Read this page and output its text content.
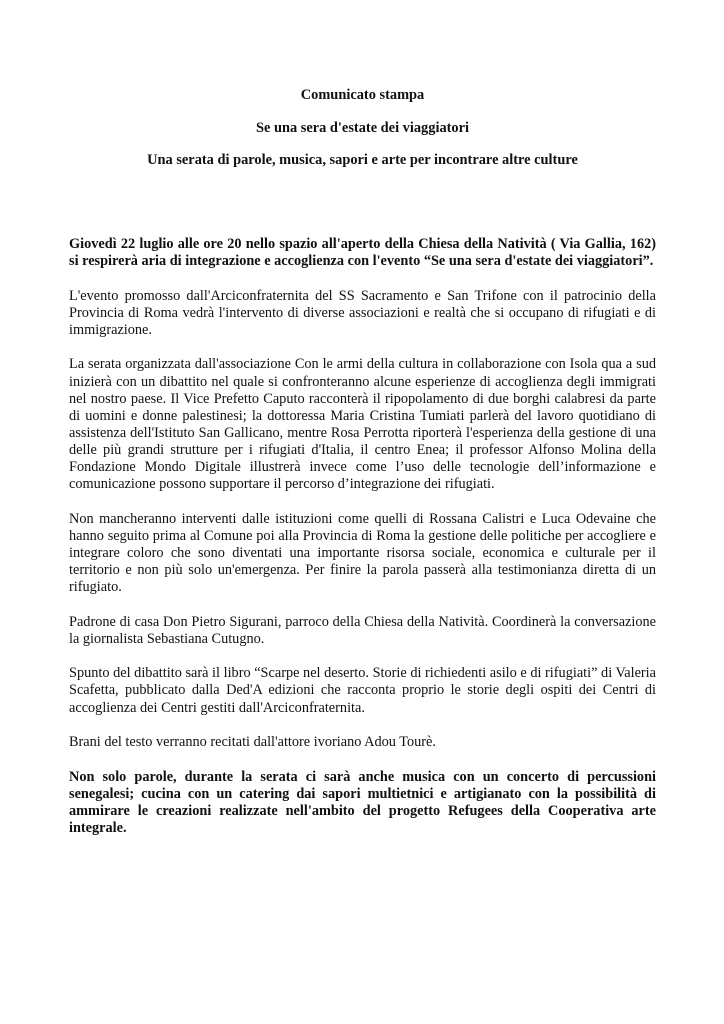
Comunicato stampa

Se una sera d'estate dei viaggiatori

Una serata di parole, musica, sapori e arte per incontrare altre culture

Giovedì 22 luglio alle ore 20 nello spazio all'aperto della Chiesa della Natività ( Via Gallia, 162) si respirerà aria di integrazione e accoglienza con l'evento “Se una sera d'estate dei viaggiatori”.

L'evento promosso dall'Arciconfraternita del SS Sacramento e San Trifone con il patrocinio della Provincia di Roma vedrà l'intervento di diverse associazioni e realtà che si occupano di rifugiati e di immigrazione.

La serata organizzata dall'associazione Con le armi della cultura in collaborazione con Isola qua a sud inizierà con un dibattito nel quale si confronteranno alcune esperienze di accoglienza degli immigrati nel nostro paese. Il Vice Prefetto Caputo racconterà il ripopolamento di due borghi calabresi da parte di uomini e donne palestinesi; la dottoressa Maria Cristina Tumiati parlerà del lavoro quotidiano di assistenza dell'Istituto San Gallicano, mentre Rosa Perrotta riporterà l'esperienza della gestione di una delle più grandi strutture per i rifugiati d'Italia, il centro Enea; il professor Alfonso Molina della Fondazione Mondo Digitale illustrerà invece come l’uso delle tecnologie dell’informazione e comunicazione possono supportare il percorso d’integrazione dei rifugiati.

Non mancheranno interventi dalle istituzioni come quelli di Rossana Calistri e Luca Odevaine che hanno seguito prima al Comune poi alla Provincia di Roma la gestione delle politiche per accogliere e integrare coloro che sono diventati una importante risorsa sociale, economica e culturale per il territorio e non più solo un'emergenza. Per finire la parola passerà alla testimonianza diretta di un rifugiato.

Padrone di casa Don Pietro Sigurani, parroco della Chiesa della Natività. Coordinerà la conversazione la giornalista Sebastiana Cutugno.

Spunto del dibattito sarà il libro “Scarpe nel deserto. Storie di richiedenti asilo e di rifugiati” di Valeria Scafetta, pubblicato dalla Ded'A edizioni che racconta proprio le storie degli ospiti dei Centri di accoglienza dei Centri gestiti dall'Arciconfraternita.

Brani del testo verranno recitati dall'attore ivoriano Adou Tourè.

Non solo parole, durante la serata ci sarà anche musica con un concerto di percussioni senegalesi; cucina con un catering dai sapori multietnici e artigianato con la possibilità di ammirare le creazioni realizzate nell'ambito del progetto Refugees della Cooperativa arte integrale.
